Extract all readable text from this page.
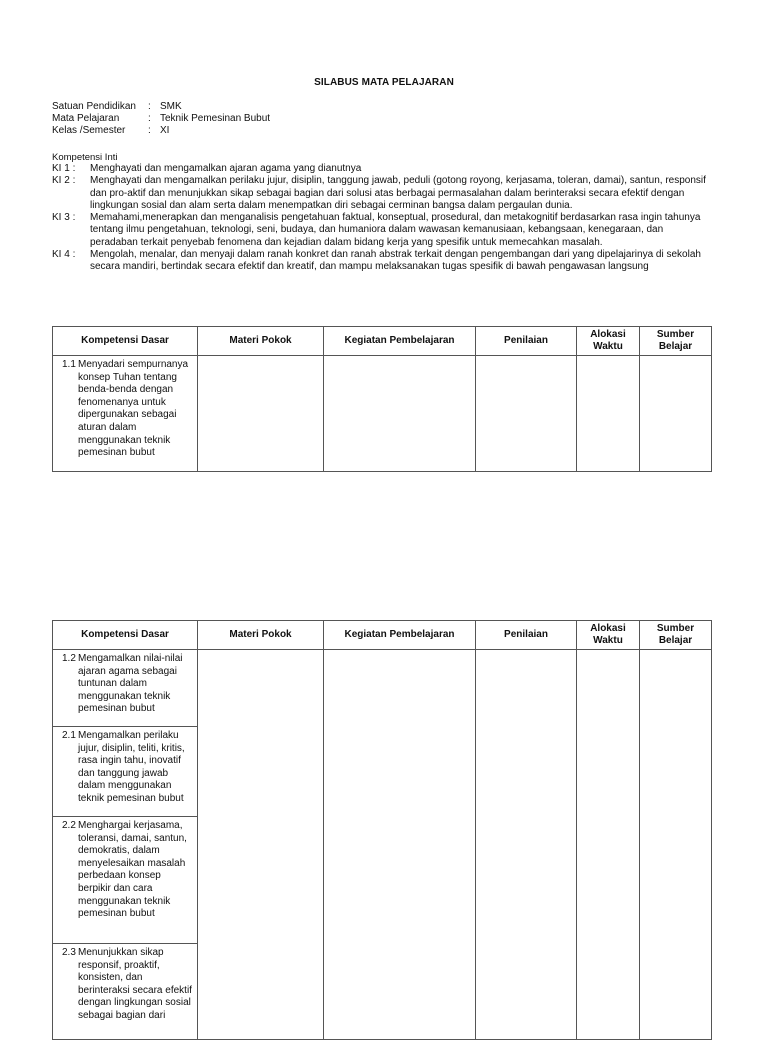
SILABUS MATA PELAJARAN
Satuan Pendidikan	: SMK
Mata Pelajaran	: Teknik Pemesinan Bubut
Kelas /Semester	: XI
Kompetensi Inti
KI 1 :	Menghayati dan mengamalkan ajaran agama yang dianutnya
KI 2 :	Menghayati dan mengamalkan perilaku jujur, disiplin, tanggung jawab, peduli (gotong royong, kerjasama, toleran, damai), santun, responsif dan pro-aktif dan menunjukkan sikap sebagai bagian dari solusi atas berbagai permasalahan dalam berinteraksi secara efektif dengan lingkungan sosial dan alam serta dalam menempatkan diri sebagai cerminan bangsa dalam pergaulan dunia.
KI 3 :	Memahami,menerapkan dan menganalisis pengetahuan faktual, konseptual, prosedural, dan metakognitif berdasarkan rasa ingin tahunya tentang ilmu pengetahuan, teknologi, seni, budaya, dan humaniora dalam wawasan kemanusiaan, kebangsaan, kenegaraan, dan peradaban terkait penyebab fenomena dan kejadian dalam bidang kerja yang spesifik untuk memecahkan masalah.
KI 4 :	Mengolah, menalar, dan menyaji dalam ranah konkret dan ranah abstrak terkait dengan pengembangan dari yang dipelajarinya di sekolah secara mandiri, bertindak secara efektif dan kreatif, dan mampu melaksanakan tugas spesifik di bawah pengawasan langsung
Kompetensi Dasar	Materi Pokok	Kegiatan Pembelajaran	Penilaian	Alokasi Waktu	Sumber Belajar

1.1 Menyadari sempurnanya konsep Tuhan tentang benda-benda dengan fenomenanya untuk dipergunakan sebagai aturan dalam menggunakan teknik pemesinan bubut					

Kompetensi Dasar	Materi Pokok	Kegiatan Pembelajaran	Penilaian	Alokasi Waktu	Sumber Belajar

1.2 Mengamalkan nilai-nilai ajaran agama sebagai tuntunan dalam menggunakan teknik pemesinan bubut					

2.1 Mengamalkan perilaku jujur, disiplin, teliti, kritis, rasa ingin tahu, inovatif dan tanggung jawab dalam menggunakan teknik pemesinan bubut					

2.2 Menghargai kerjasama, toleransi, damai, santun, demokratis, dalam menyelesaikan masalah perbedaan konsep berpikir dan cara menggunakan teknik pemesinan bubut					

2.3 Menunjukkan sikap responsif, proaktif, konsisten, dan berinteraksi secara efektif dengan lingkungan sosial sebagai bagian dari					
